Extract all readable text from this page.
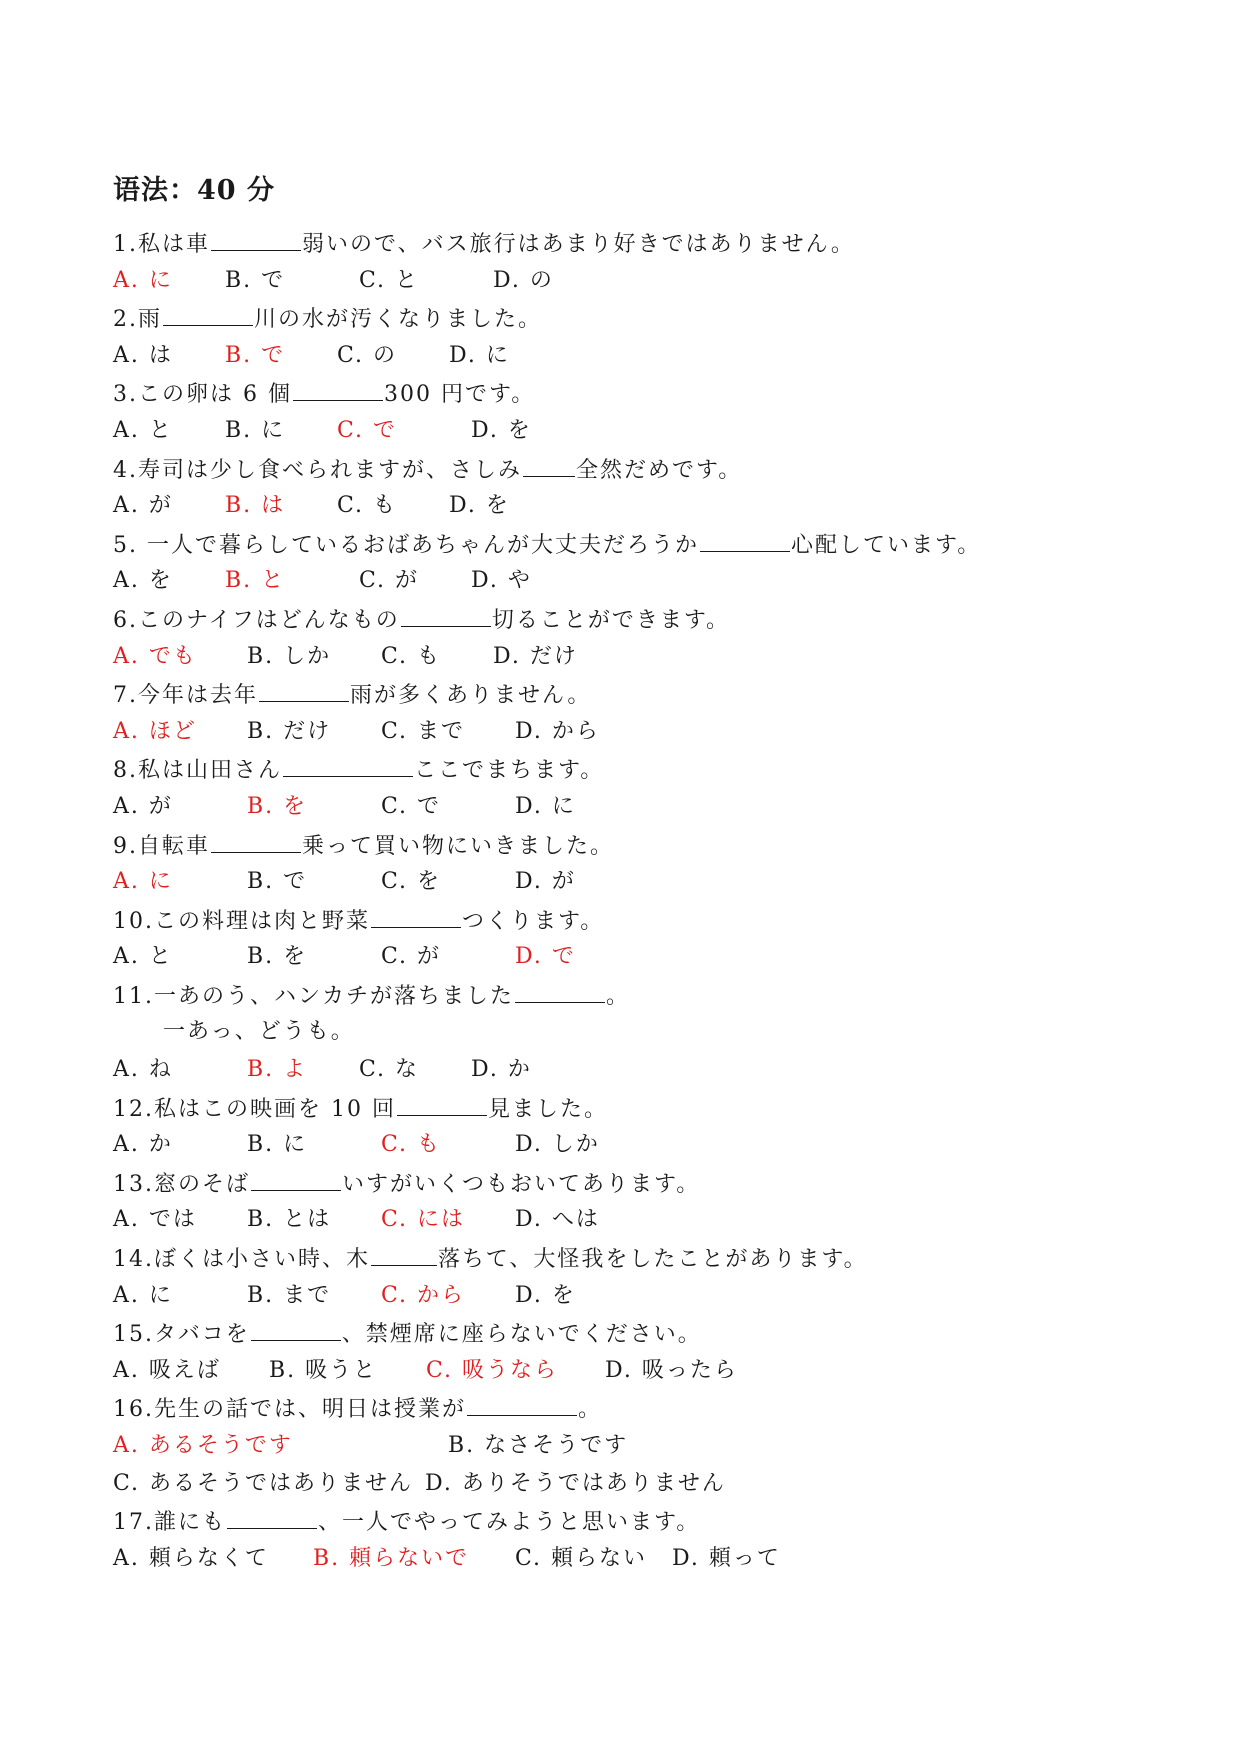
语法：40 分
1.私は車	弱いので、バス旅行はあまり好きではありません。
A. に B. で	C. と	D. の
2.雨	川の水が汚くなりました。
A. は B. で C. の D. に
3.この卵は 6 個	300 円です。
A. と B. に C. で	D. を
4.寿司は少し食べられますが、さしみ 全然だめです。
A. が B. は C. も D. を
5. 一人で暮らしているおばあちゃんが大丈夫だろうか	心配しています。
A. を B. と	C. が D. や
6.このナイフはどんなもの	切ることができます。
A. でも B. しか C. も D. だけ
7.今年は去年	雨が多くありません。
A. ほど B. だけ C. まで D. から
8.私は山田さん	ここでまちます。
A. が	B. を	C. で	D. に
9.自転車	乗って買い物にいきました。
A. に	B. で	C. を	D. が
10.この料理は肉と野菜	つくります。
A. と	B. を	C. が	D. で
11.一あのう、ハンカチが落ちました	。
一あっ、どうも。
A. ね	B. よ C. な D. か
12.私はこの映画を 10 回	見ました。
A. か	B. に	C. も	D. しか
13.窓のそば	いすがいくつもおいてあります。
A. では B. とは C. には D. へは
14.ぼくは小さい時、木	落ちて、大怪我をしたことがあります。
A. に	B. まで C. から D. を
15.タバコを	、禁煙席に座らないでください。
A. 吸えば B. 吸うと C. 吸うなら D. 吸ったら
16.先生の話では、明日は授業が	。
A. あるそうです	B. なさそうです
C. あるそうではありません D. ありそうではありません
17.誰にも	、一人でやってみようと思います。
A. 頼らなくて B. 頼らないで C. 頼らない D. 頼って
